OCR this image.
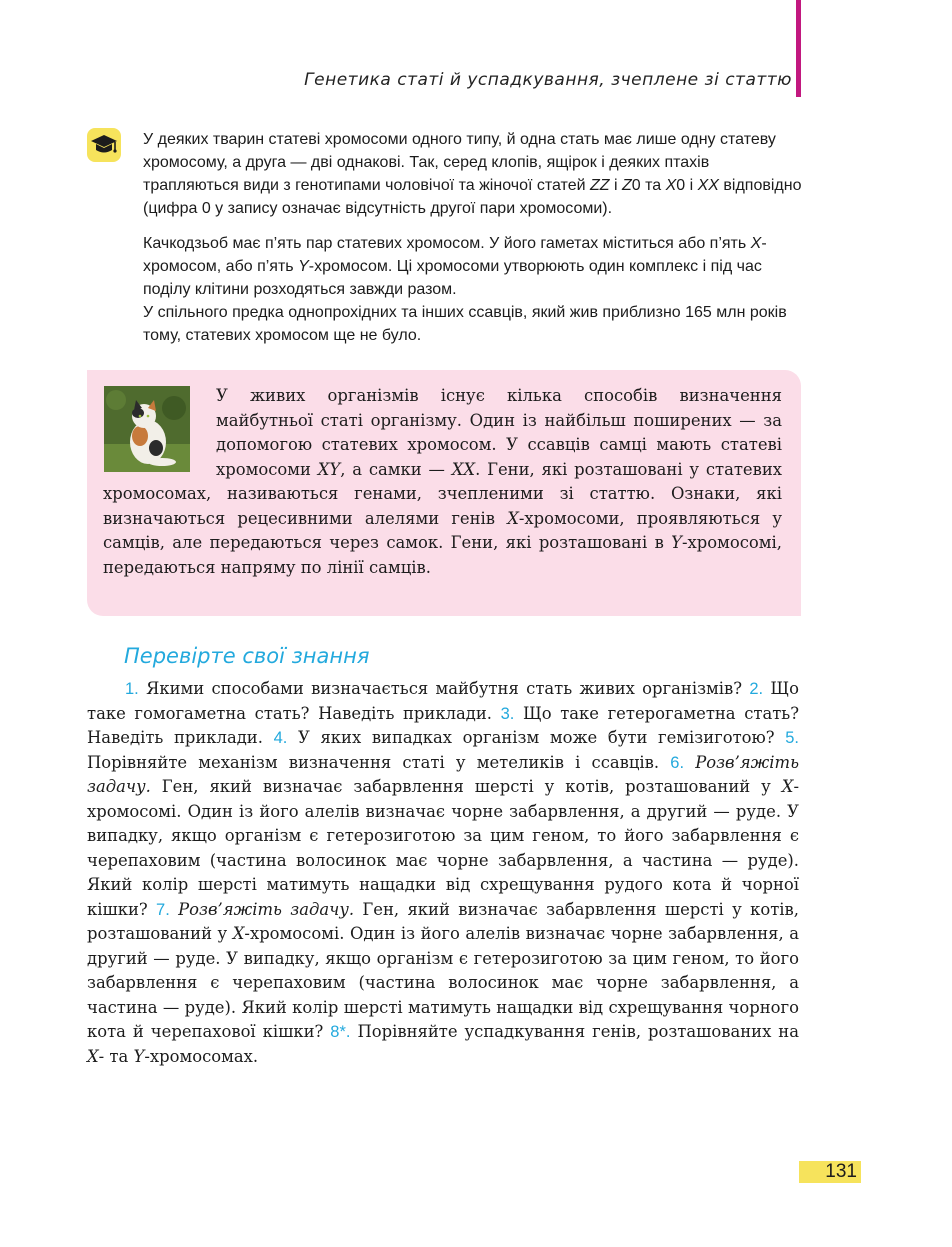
Генетика статі й успадкування, зчеплене зі статтю

У деяких тварин статеві хромосоми одного типу, й одна стать має лише одну статеву хромосому, а друга — дві однакові. Так, серед клопів, ящірок і деяких птахів трапляються види з генотипами чоловічої та жіночої статей ZZ і Z0 та X0 і XX відповідно (цифра 0 у запису означає відсутність другої пари хромосоми).

Качкодзьоб має п’ять пар статевих хромосом. У його гаметах міститься або п’ять X-хромосом, або п’ять Y-хромосом. Ці хромосоми утворюють один комплекс і під час поділу клітини розходяться завжди разом.

У спільного предка однопрохідних та інших ссавців, який жив приблизно 165 млн років тому, статевих хромосом ще не було.

У живих організмів існує кілька способів визначення майбутньої статі організму. Один із найбільш поширених — за допомогою статевих хромосом. У ссавців самці мають статеві хромосоми XY, а самки — XX. Гени, які розташовані у статевих хромосомах, називаються генами, зчепленими зі статтю. Ознаки, які визначаються рецесивними алелями генів X-хромосоми, проявляються у самців, але передаються через самок. Гени, які розташовані в Y-хромосомі, передаються напряму по лінії самців.
Перевірте свої знання
1. Якими способами визначається майбутня стать живих організмів? 2. Що таке гомогаметна стать? Наведіть приклади. 3. Що таке гетерогаметна стать? Наведіть приклади. 4. У яких випадках організм може бути гемізиготою? 5. Порівняйте механізм визначення статі у метеликів і ссавців. 6. Розв’яжіть задачу. Ген, який визначає забарвлення шерсті у котів, розташований у X-хромосомі. Один із його алелів визначає чорне забарвлення, а другий — руде. У випадку, якщо організм є гетерозиготою за цим геном, то його забарвлення є черепаховим (частина волосинок має чорне забарвлення, а частина — руде). Який колір шерсті матимуть нащадки від схрещування рудого кота й чорної кішки? 7. Розв’яжіть задачу. Ген, який визначає забарвлення шерсті у котів, розташований у X-хромосомі. Один із його алелів визначає чорне забарвлення, а другий — руде. У випадку, якщо організм є гетерозиготою за цим геном, то його забарвлення є черепаховим (частина волосинок має чорне забарвлення, а частина — руде). Який колір шерсті матимуть нащадки від схрещування чорного кота й черепахової кішки? 8*. Порівняйте успадкування генів, розташованих на X- та Y-хромосомах.
131
